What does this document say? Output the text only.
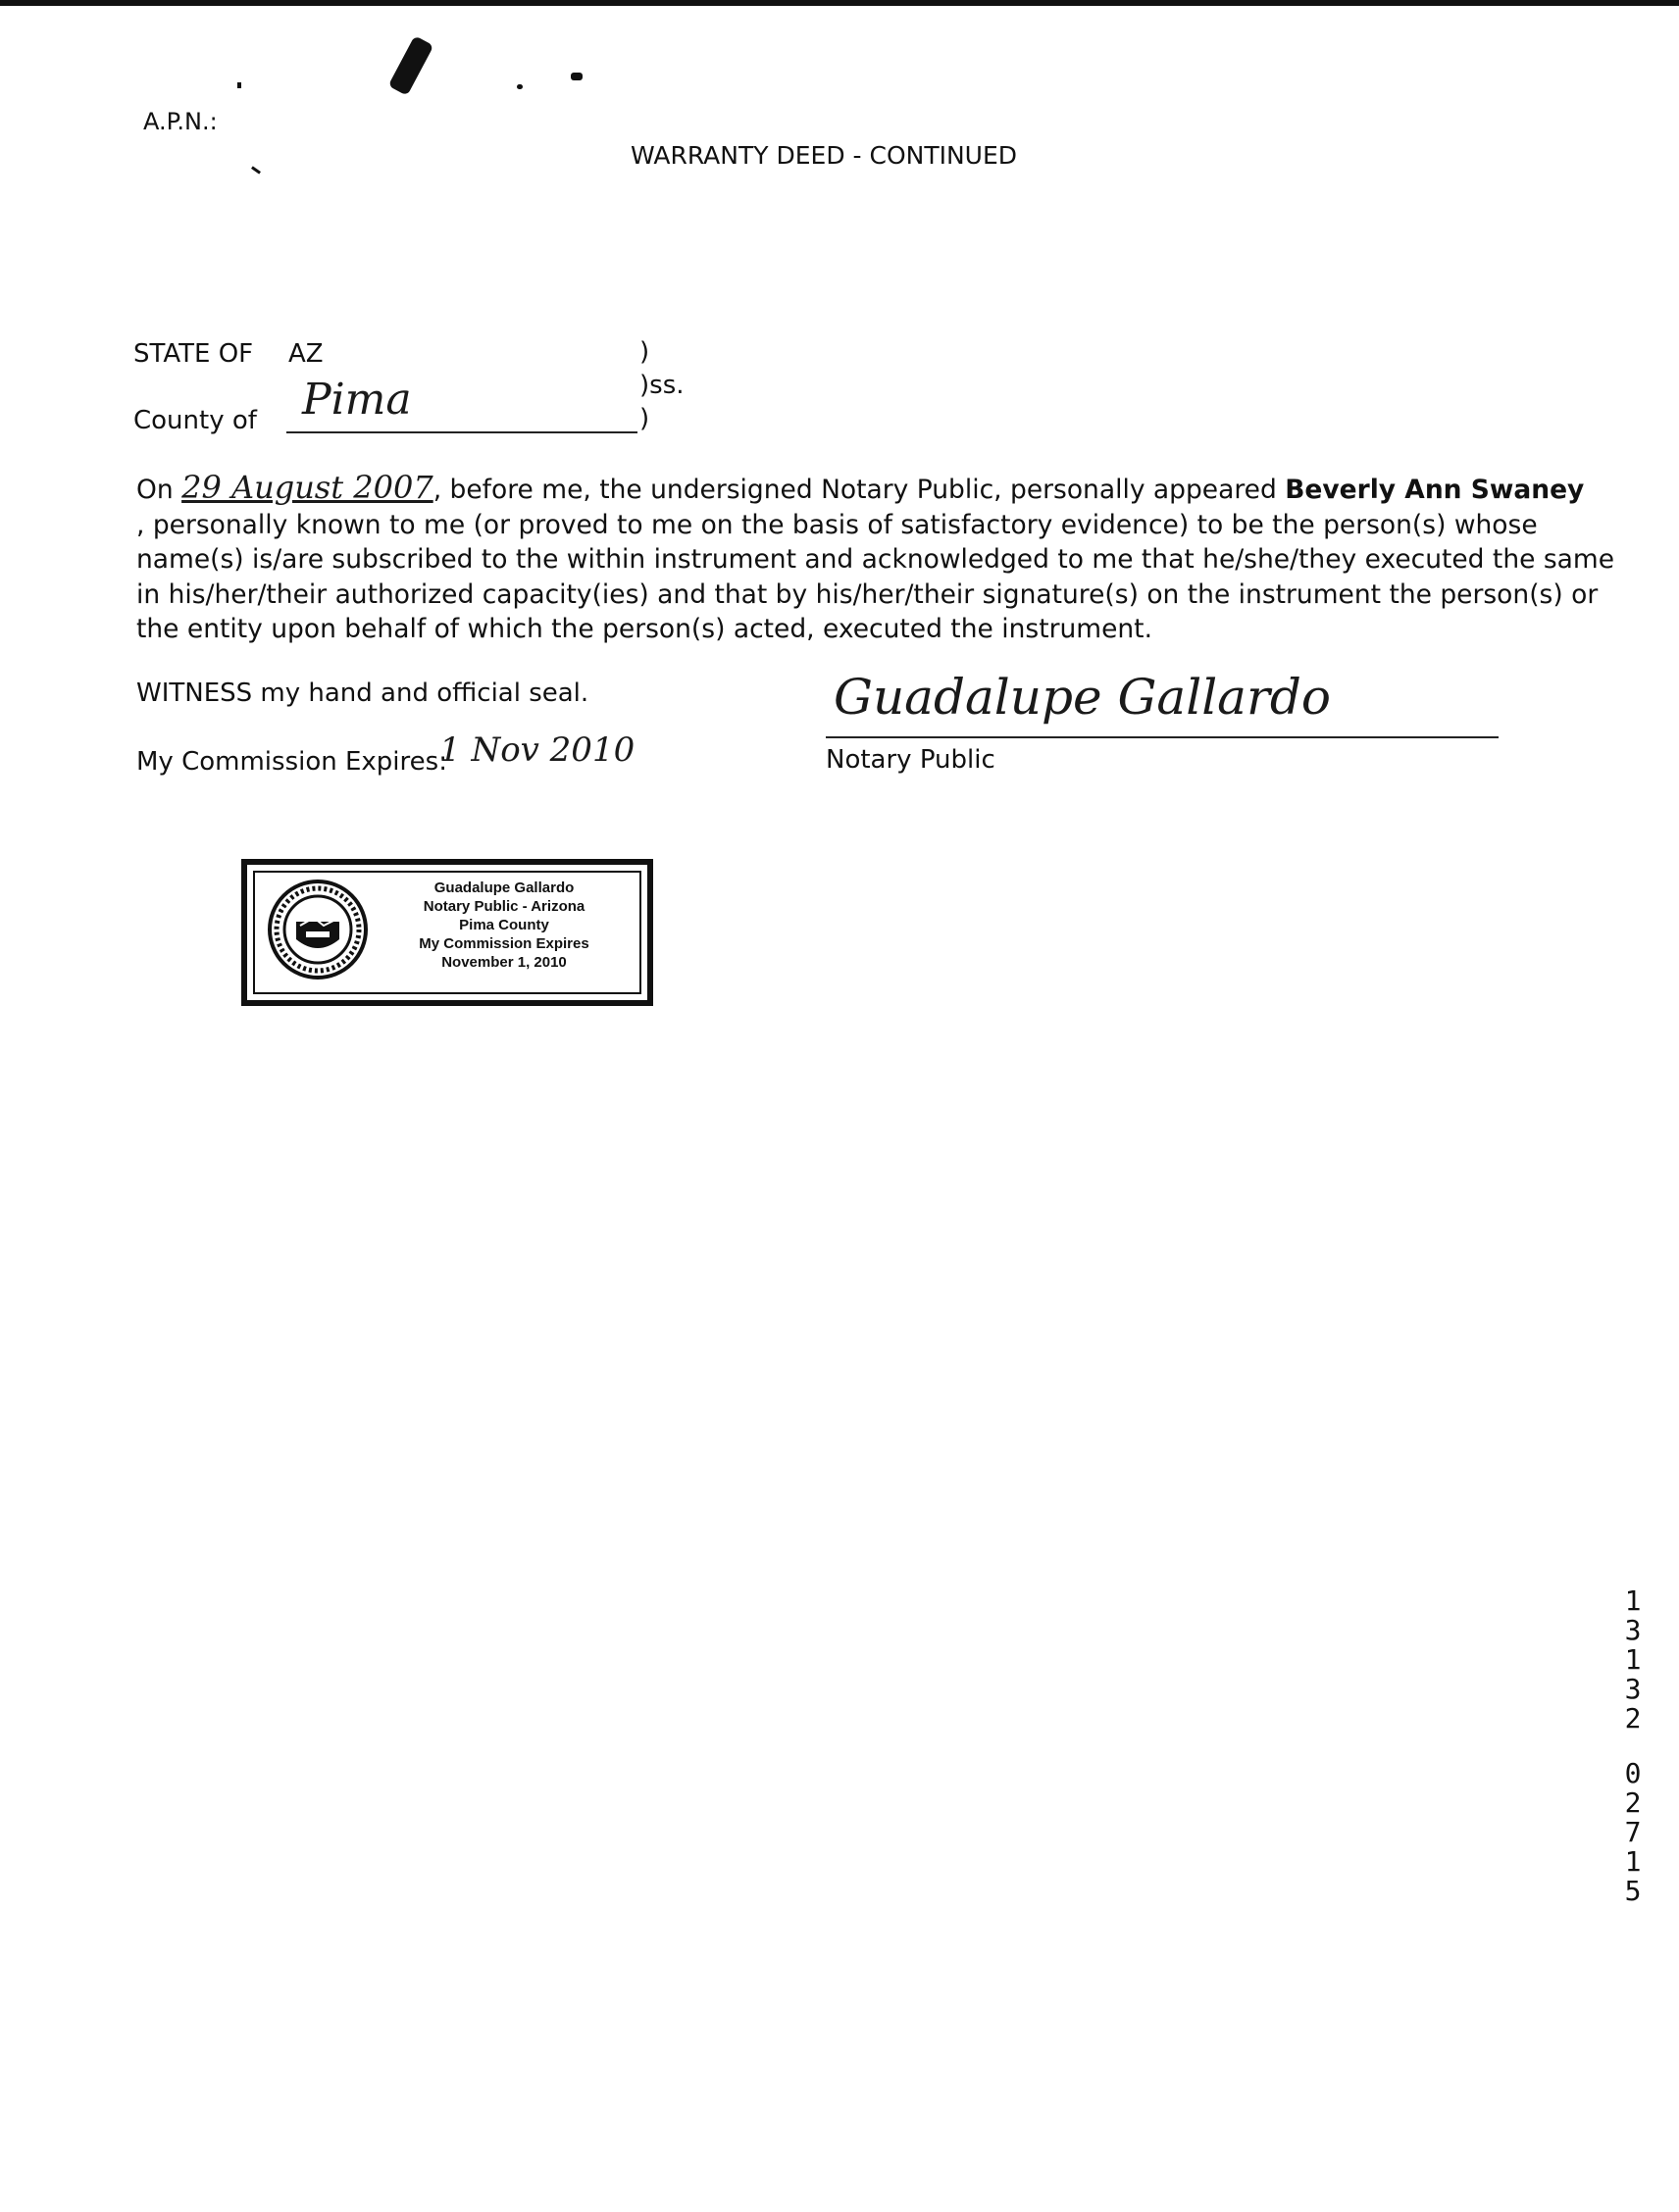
A.P.N.:
WARRANTY DEED - CONTINUED
STATE OF AZ	)
)ss.
County of Pima	)
On 29 August 2007, before me, the undersigned Notary Public, personally appeared Beverly Ann Swaney
, personally known to me (or proved to me on the basis of satisfactory evidence) to be the person(s) whose
name(s) is/are subscribed to the within instrument and acknowledged to me that he/she/they executed the same
in his/her/their authorized capacity(ies) and that by his/her/their signature(s) on the instrument the person(s) or
the entity upon behalf of which the person(s) acted, executed the instrument.
WITNESS my hand and official seal.
My Commission Expires:
1 Nov 2010
Guadalupe Gallardo
Notary Public
Guadalupe Gallardo
Notary Public - Arizona
Pima County
My Commission Expires
November 1, 2010
1
3
1
3
2
0
2
7
1
5
